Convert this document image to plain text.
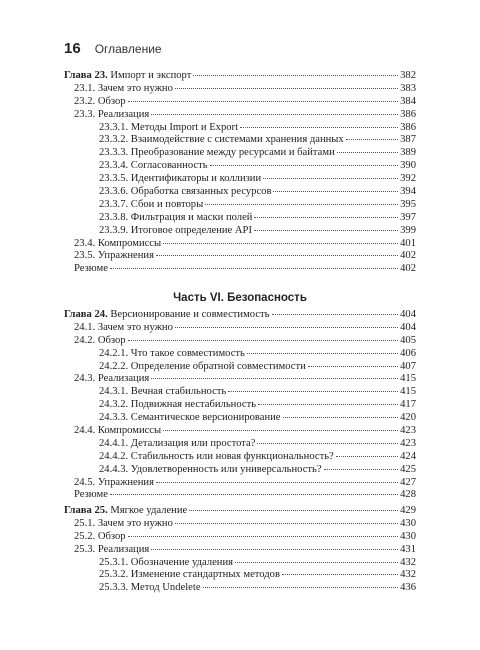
16 Оглавление
Глава 23. Импорт и экспорт	382
23.1. Зачем это нужно	383
23.2. Обзор	384
23.3. Реализация	386
23.3.1. Методы Import и Export	386
23.3.2. Взаимодействие с системами хранения данных	387
23.3.3. Преобразование между ресурсами и байтами	389
23.3.4. Согласованность	390
23.3.5. Идентификаторы и коллизии	392
23.3.6. Обработка связанных ресурсов	394
23.3.7. Сбои и повторы	395
23.3.8. Фильтрация и маски полей	397
23.3.9. Итоговое определение API	399
23.4. Компромиссы	401
23.5. Упражнения	402
Резюме	402
Часть VI. Безопасность
Глава 24. Версионирование и совместимость	404
24.1. Зачем это нужно	404
24.2. Обзор	405
24.2.1. Что такое совместимость	406
24.2.2. Определение обратной совместимости	407
24.3. Реализация	415
24.3.1. Вечная стабильность	415
24.3.2. Подвижная нестабильность	417
24.3.3. Семантическое версионирование	420
24.4. Компромиссы	423
24.4.1. Детализация или простота?	423
24.4.2. Стабильность или новая функциональность?	424
24.4.3. Удовлетворенность или универсальность?	425
24.5. Упражнения	427
Резюме	428
Глава 25. Мягкое удаление	429
25.1. Зачем это нужно	430
25.2. Обзор	430
25.3. Реализация	431
25.3.1. Обозначение удаления	432
25.3.2. Изменение стандартных методов	432
25.3.3. Метод Undelete	436
